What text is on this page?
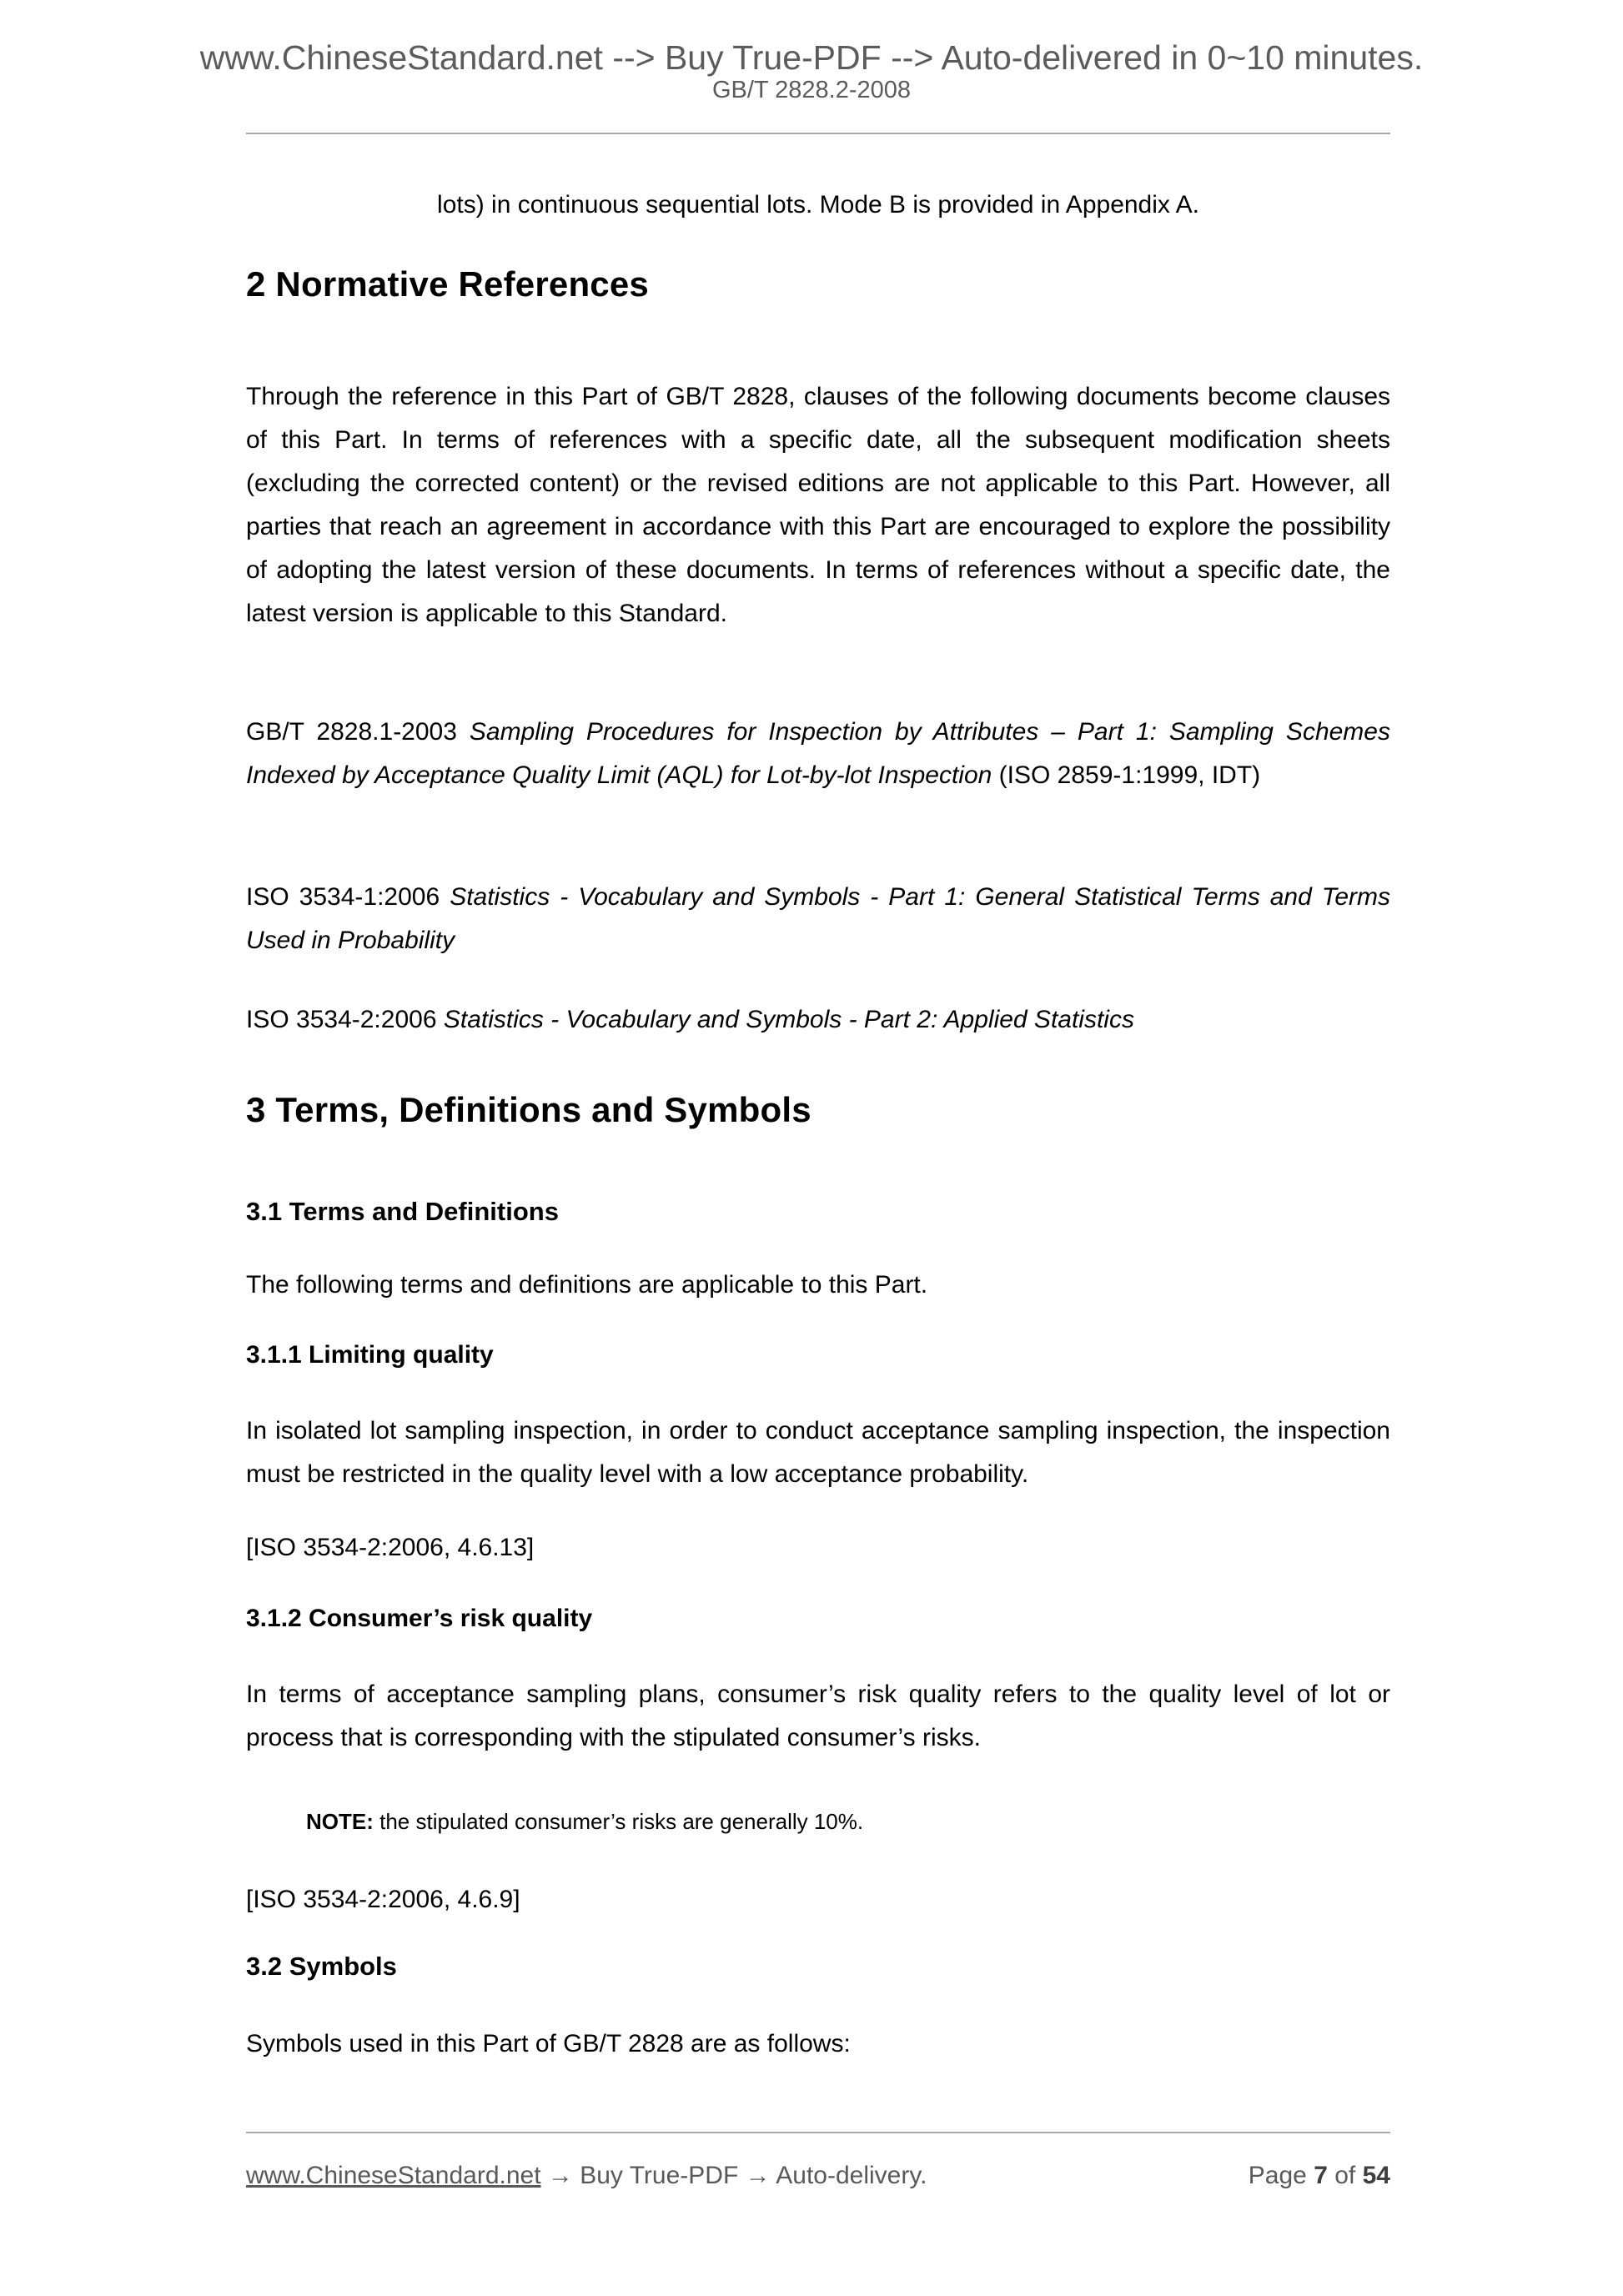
www.ChineseStandard.net --> Buy True-PDF --> Auto-delivered in 0~10 minutes.
GB/T 2828.2-2008
lots) in continuous sequential lots. Mode B is provided in Appendix A.
2 Normative References

Through the reference in this Part of GB/T 2828, clauses of the following documents become clauses of this Part. In terms of references with a specific date, all the subsequent modification sheets (excluding the corrected content) or the revised editions are not applicable to this Part. However, all parties that reach an agreement in accordance with this Part are encouraged to explore the possibility of adopting the latest version of these documents. In terms of references without a specific date, the latest version is applicable to this Standard.

GB/T 2828.1-2003 Sampling Procedures for Inspection by Attributes – Part 1: Sampling Schemes Indexed by Acceptance Quality Limit (AQL) for Lot-by-lot Inspection (ISO 2859-1:1999, IDT)

ISO 3534-1:2006 Statistics - Vocabulary and Symbols - Part 1: General Statistical Terms and Terms Used in Probability

ISO 3534-2:2006 Statistics - Vocabulary and Symbols - Part 2: Applied Statistics

3 Terms, Definitions and Symbols
3.1 Terms and Definitions

The following terms and definitions are applicable to this Part.

3.1.1 Limiting quality

In isolated lot sampling inspection, in order to conduct acceptance sampling inspection, the inspection must be restricted in the quality level with a low acceptance probability.

[ISO 3534-2:2006, 4.6.13]

3.1.2 Consumer’s risk quality

In terms of acceptance sampling plans, consumer’s risk quality refers to the quality level of lot or process that is corresponding with the stipulated consumer’s risks.

NOTE: the stipulated consumer’s risks are generally 10%.

[ISO 3534-2:2006, 4.6.9]

3.2 Symbols

Symbols used in this Part of GB/T 2828 are as follows:

www.ChineseStandard.net → Buy True-PDF → Auto-delivery.	Page 7 of 54
